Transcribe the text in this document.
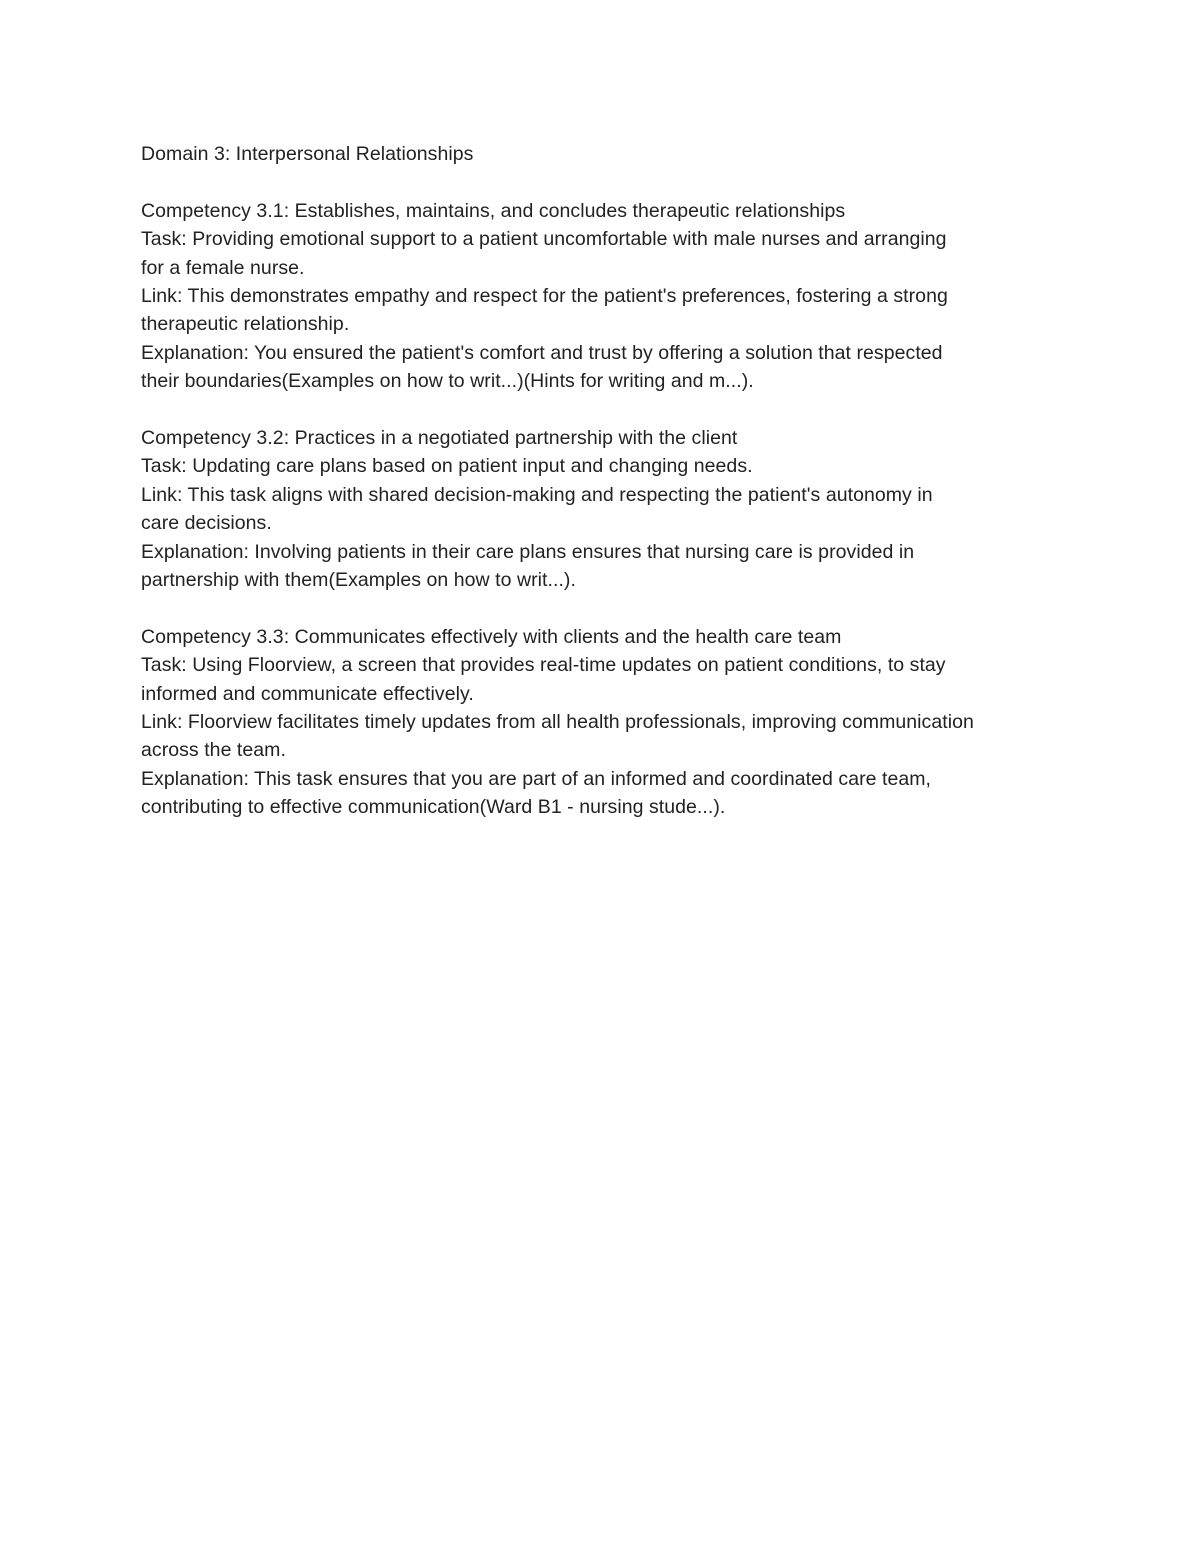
Domain 3: Interpersonal Relationships
Competency 3.1: Establishes, maintains, and concludes therapeutic relationships
Task: Providing emotional support to a patient uncomfortable with male nurses and arranging
for a female nurse.
Link: This demonstrates empathy and respect for the patient's preferences, fostering a strong
therapeutic relationship.
Explanation: You ensured the patient's comfort and trust by offering a solution that respected
their boundaries(Examples on how to writ...)(Hints for writing and m...).
Competency 3.2: Practices in a negotiated partnership with the client
Task: Updating care plans based on patient input and changing needs.
Link: This task aligns with shared decision-making and respecting the patient's autonomy in
care decisions.
Explanation: Involving patients in their care plans ensures that nursing care is provided in
partnership with them(Examples on how to writ...).
Competency 3.3: Communicates effectively with clients and the health care team
Task: Using Floorview, a screen that provides real-time updates on patient conditions, to stay
informed and communicate effectively.
Link: Floorview facilitates timely updates from all health professionals, improving communication
across the team.
Explanation: This task ensures that you are part of an informed and coordinated care team,
contributing to effective communication(Ward B1 - nursing stude...).
